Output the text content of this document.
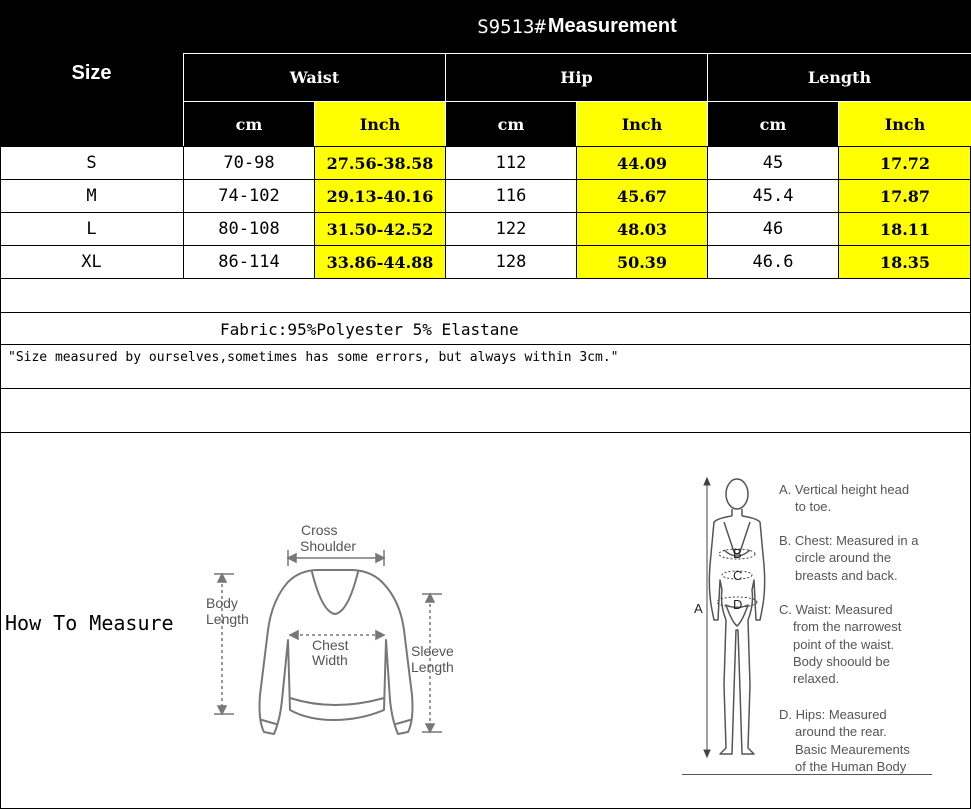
Size
S9513# Measurement
Waist	Hip	Length
cm	Inch	cm	Inch	cm	Inch
S	70-98	27.56-38.58	112	44.09	45	17.72
M	74-102	29.13-40.16	116	45.67	45.4	17.87
L	80-108	31.50-42.52	122	48.03	46	18.11
XL	86-114	33.86-44.88	128	50.39	46.6	18.35
Fabric:95%Polyester 5% Elastane
"Size measured by ourselves,sometimes has some errors, but always within 3cm."
How To Measure
Cross
Shoulder
Body
Length
Chest
Width
Sleeve
Length
B
C
D
A
A. Vertical height head
to toe.
B. Chest: Measured in a
circle around the
breasts and back.
C. Waist: Measured
from the narrowest
point of the waist.
Body shoould be
relaxed.
D. Hips: Measured
around the rear.
Basic Meaurements
of the Human Body
